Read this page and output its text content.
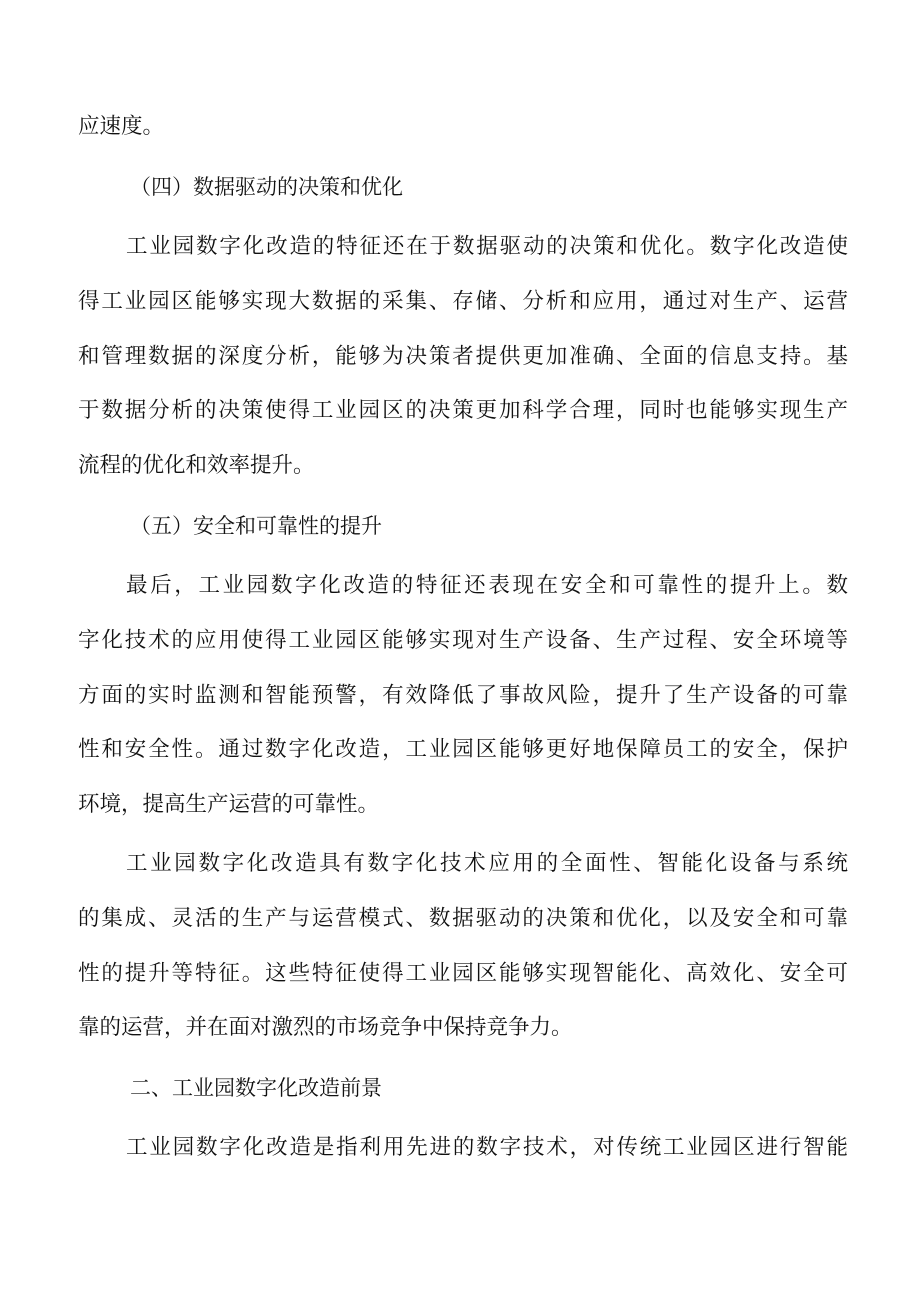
应速度。
（四）数据驱动的决策和优化
工业园数字化改造的特征还在于数据驱动的决策和优化。数字化改造使
得工业园区能够实现大数据的采集、存储、分析和应用，通过对生产、运营
和管理数据的深度分析，能够为决策者提供更加准确、全面的信息支持。基
于数据分析的决策使得工业园区的决策更加科学合理，同时也能够实现生产
流程的优化和效率提升。
（五）安全和可靠性的提升
最后，工业园数字化改造的特征还表现在安全和可靠性的提升上。数
字化技术的应用使得工业园区能够实现对生产设备、生产过程、安全环境等
方面的实时监测和智能预警，有效降低了事故风险，提升了生产设备的可靠
性和安全性。通过数字化改造，工业园区能够更好地保障员工的安全，保护
环境，提高生产运营的可靠性。
工业园数字化改造具有数字化技术应用的全面性、智能化设备与系统
的集成、灵活的生产与运营模式、数据驱动的决策和优化，以及安全和可靠
性的提升等特征。这些特征使得工业园区能够实现智能化、高效化、安全可
靠的运营，并在面对激烈的市场竞争中保持竞争力。
二、工业园数字化改造前景
工业园数字化改造是指利用先进的数字技术，对传统工业园区进行智能
